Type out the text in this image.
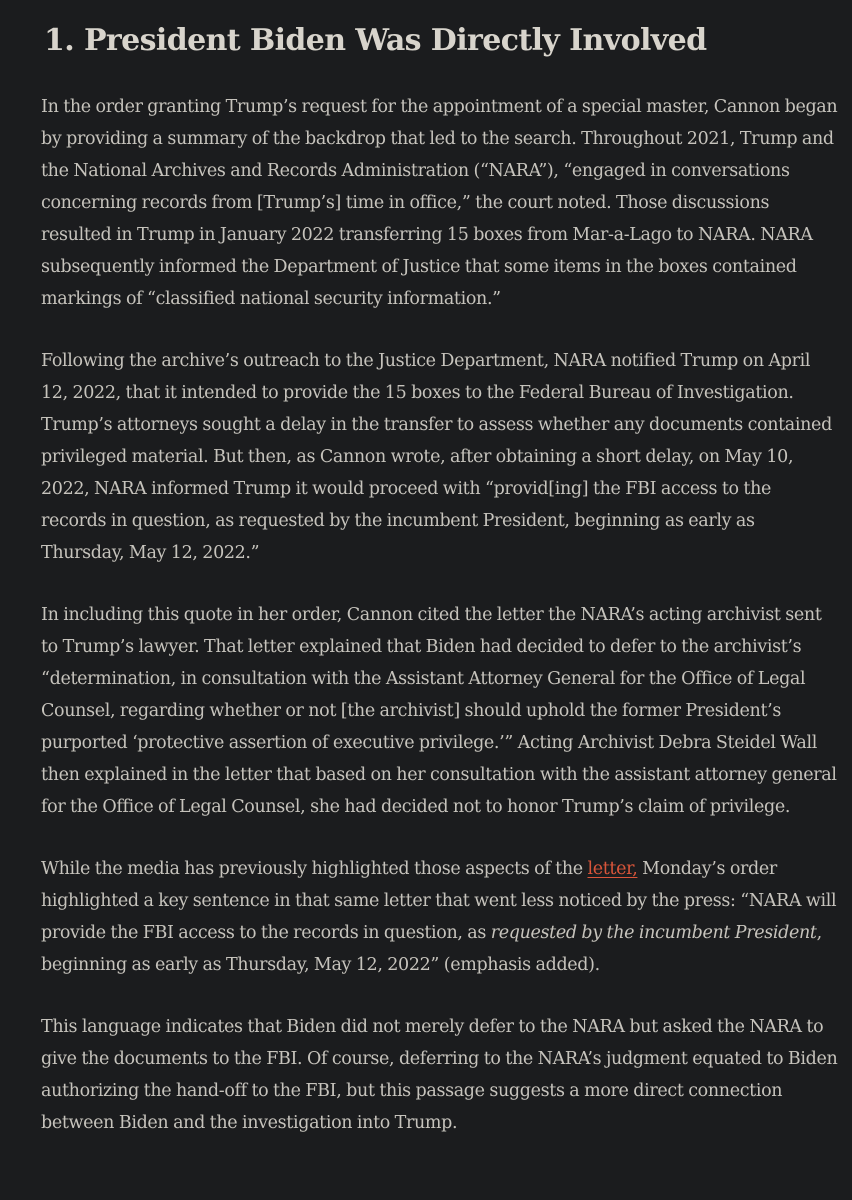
1. President Biden Was Directly Involved

In the order granting Trump’s request for the appointment of a special master, Cannon began by providing a summary of the backdrop that led to the search. Throughout 2021, Trump and the National Archives and Records Administration (“NARA”), “engaged in conversations concerning records from [Trump’s] time in office,” the court noted. Those discussions resulted in Trump in January 2022 transferring 15 boxes from Mar-a-Lago to NARA. NARA subsequently informed the Department of Justice that some items in the boxes contained markings of “classified national security information.”

Following the archive’s outreach to the Justice Department, NARA notified Trump on April 12, 2022, that it intended to provide the 15 boxes to the Federal Bureau of Investigation. Trump’s attorneys sought a delay in the transfer to assess whether any documents contained privileged material. But then, as Cannon wrote, after obtaining a short delay, on May 10, 2022, NARA informed Trump it would proceed with “provid[ing] the FBI access to the records in question, as requested by the incumbent President, beginning as early as Thursday, May 12, 2022.”

In including this quote in her order, Cannon cited the letter the NARA’s acting archivist sent to Trump’s lawyer. That letter explained that Biden had decided to defer to the archivist’s “determination, in consultation with the Assistant Attorney General for the Office of Legal Counsel, regarding whether or not [the archivist] should uphold the former President’s purported ‘protective assertion of executive privilege.’” Acting Archivist Debra Steidel Wall then explained in the letter that based on her consultation with the assistant attorney general for the Office of Legal Counsel, she had decided not to honor Trump’s claim of privilege.

While the media has previously highlighted those aspects of the letter, Monday’s order highlighted a key sentence in that same letter that went less noticed by the press: “NARA will provide the FBI access to the records in question, as requested by the incumbent President, beginning as early as Thursday, May 12, 2022” (emphasis added).

This language indicates that Biden did not merely defer to the NARA but asked the NARA to give the documents to the FBI. Of course, deferring to the NARA’s judgment equated to Biden authorizing the hand-off to the FBI, but this passage suggests a more direct connection between Biden and the investigation into Trump.
